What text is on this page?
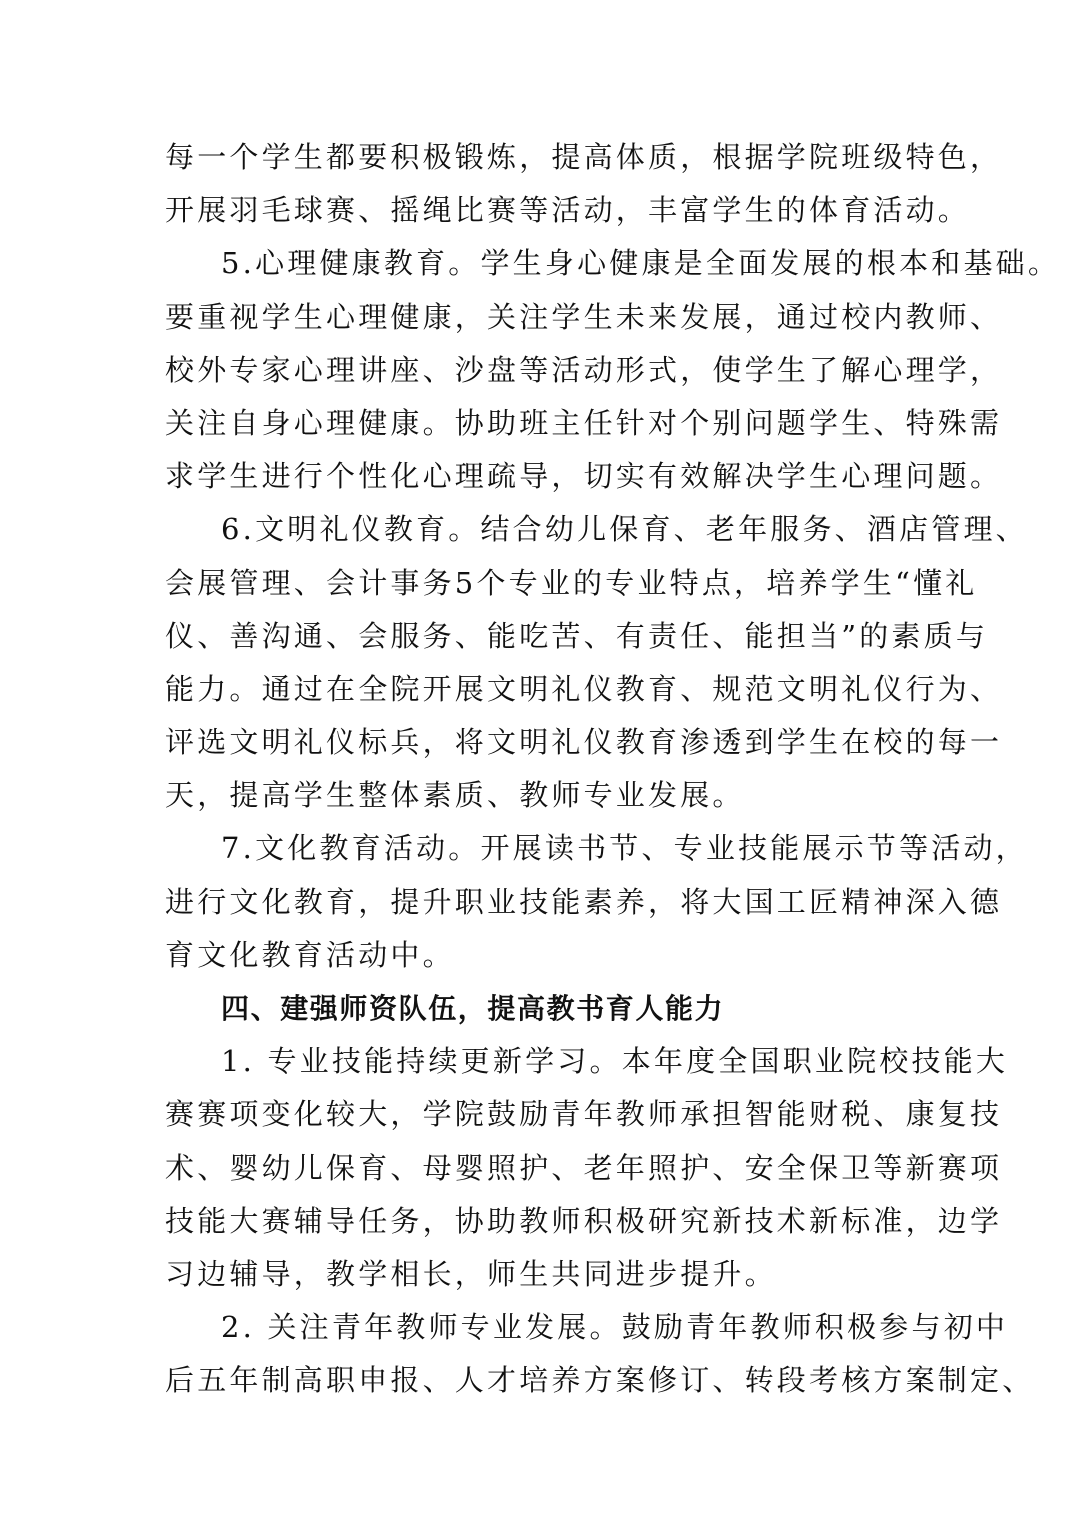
每一个学生都要积极锻炼，提高体质，根据学院班级特色，
开展羽毛球赛、摇绳比赛等活动，丰富学生的体育活动。
5.心理健康教育。学生身心健康是全面发展的根本和基础。
要重视学生心理健康，关注学生未来发展，通过校内教师、
校外专家心理讲座、沙盘等活动形式，使学生了解心理学，
关注自身心理健康。协助班主任针对个别问题学生、特殊需
求学生进行个性化心理疏导，切实有效解决学生心理问题。
6.文明礼仪教育。结合幼儿保育、老年服务、酒店管理、
会展管理、会计事务5个专业的专业特点，培养学生“懂礼
仪、善沟通、会服务、能吃苦、有责任、能担当”的素质与
能力。通过在全院开展文明礼仪教育、规范文明礼仪行为、
评选文明礼仪标兵，将文明礼仪教育渗透到学生在校的每一
天，提高学生整体素质、教师专业发展。
7.文化教育活动。开展读书节、专业技能展示节等活动，
进行文化教育，提升职业技能素养，将大国工匠精神深入德
育文化教育活动中。
四、建强师资队伍，提高教书育人能力
1. 专业技能持续更新学习。本年度全国职业院校技能大
赛赛项变化较大，学院鼓励青年教师承担智能财税、康复技
术、婴幼儿保育、母婴照护、老年照护、安全保卫等新赛项
技能大赛辅导任务，协助教师积极研究新技术新标准，边学
习边辅导，教学相长，师生共同进步提升。
2. 关注青年教师专业发展。鼓励青年教师积极参与初中
后五年制高职申报、人才培养方案修订、转段考核方案制定、
